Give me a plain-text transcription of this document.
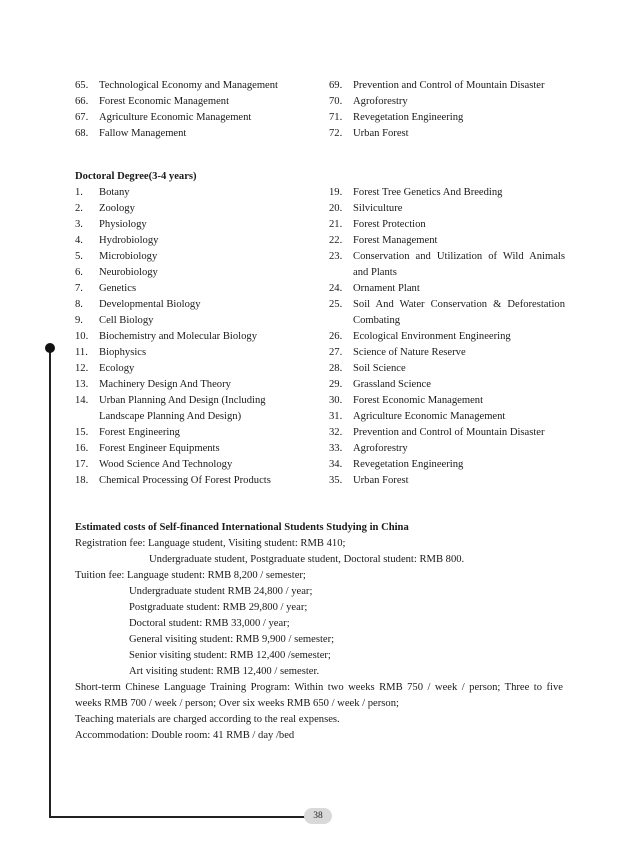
65.	Technological Economy and Management
66.	Forest Economic Management
67.	Agriculture Economic Management
68.	Fallow Management
69.	Prevention and Control of Mountain Disaster
70.	Agroforestry
71.	Revegetation Engineering
72.	Urban Forest
Doctoral Degree(3-4 years)
1.	Botany
2.	Zoology
3.	Physiology
4.	Hydrobiology
5.	Microbiology
6.	Neurobiology
7.	Genetics
8.	Developmental Biology
9.	Cell Biology
10.	Biochemistry and Molecular Biology
11.	Biophysics
12.	Ecology
13.	Machinery Design And Theory
14.	Urban Planning And Design (Including Landscape Planning And Design)
15.	Forest Engineering
16.	Forest Engineer Equipments
17.	Wood Science And Technology
18.	Chemical Processing Of Forest Products
19.	Forest Tree Genetics And Breeding
20.	Silviculture
21.	Forest Protection
22.	Forest Management
23.	Conservation and Utilization of Wild Animals and Plants
24.	Ornament Plant
25.	Soil And Water Conservation & Deforestation Combating
26.	Ecological Environment Engineering
27.	Science of Nature Reserve
28.	Soil Science
29.	Grassland Science
30.	Forest Economic Management
31.	Agriculture Economic Management
32.	Prevention and Control of Mountain Disaster
33.	Agroforestry
34.	Revegetation Engineering
35.	Urban Forest
Estimated costs of Self-financed International Students Studying in China
Registration fee: Language student, Visiting student: RMB 410;
Undergraduate student, Postgraduate student, Doctoral student: RMB 800.
Tuition fee: Language student: RMB 8,200 / semester;
Undergraduate student RMB 24,800 / year;
Postgraduate student: RMB 29,800 / year;
Doctoral student: RMB 33,000 / year;
General visiting student: RMB 9,900 / semester;
Senior visiting student: RMB 12,400 /semester;
Art visiting student: RMB 12,400 / semester.
Short-term Chinese Language Training Program: Within two weeks RMB 750 / week / person; Three to five
weeks RMB 700 / week / person; Over six weeks RMB 650 / week / person;
Teaching materials are charged according to the real expenses.
Accommodation: Double room: 41 RMB / day /bed
38
